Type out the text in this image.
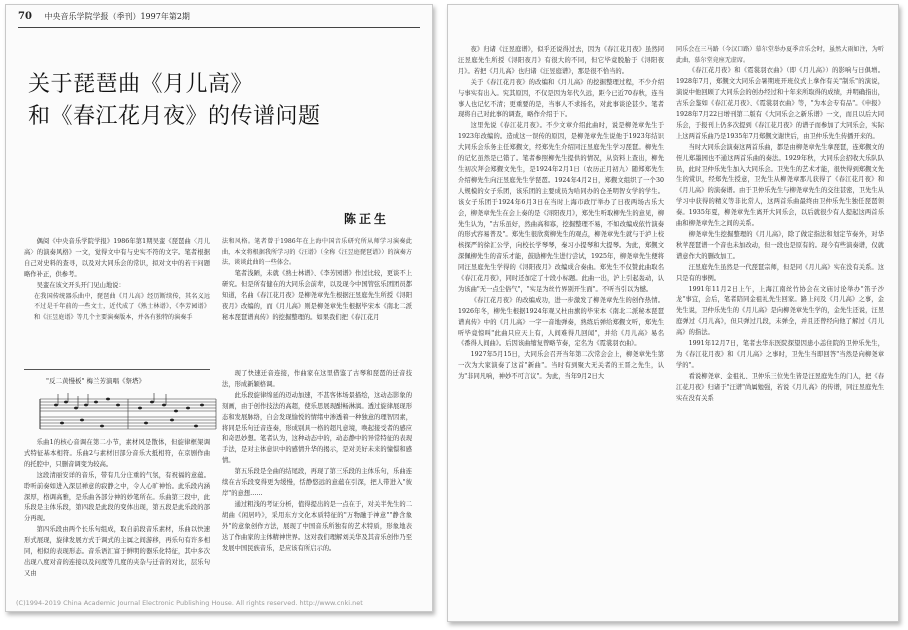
70 中央音乐学院学报（季刊）1997年第2期
关于琵琶曲《月儿高》
和《春江花月夜》的传谱问题
陈正生

偶阅《中央音乐学院学报》1986年第1期吴蛮《琵琶曲〈月儿高〉的演奏风格》一文，觉得文中有与史实不符的文字。笔者根据自己对史料的查寻，以及对大同乐会的常识，拟对文中的若干问题略作补正，供参考。

吴蛮在该文开头开门见山地说：

在我国传统器乐曲中，琵琶曲《月儿高》经历断续传，其名义远不过是千年前的一些文士，近代成了《熟士林谱》，《李芳园谱》和《汪昱庭谱》等几个主要演奏版本，并各有独特的演奏手
法和风格。笔者曾于1986年在上海中国音乐研究所从师学习演奏此曲，本文将根据我所学习的《汪谱》（全称《汪昱庭琵琶谱》）的演奏方法，谈谈此曲的一些体会。

笔者浅陋，未就《熟士林谱》、《李芳园谱》作过比较，更谈不上研究。但是所有健在的大同乐会前辈，以及现今中国管弦乐团团员都知道，名曲《春江花月夜》是柳尧章先生根据汪昱庭先生所授《浔阳夜月》改编的，而《月儿高》则是柳尧章先生根据毕宋本《南北二派秘本琵琶谱真传》的挖掘整理的。如果我们把《春江花月

"反二黄慢板" 梅兰芳演唱《祭塔》

乐曲1的核心音调在第二小节，素材风是散体，但旋律框架调式特征基本相符。乐曲2与素材旧部分音乐大抵相符，在京剧作曲的托腔中，只删音调变为较高。

这段清丽安详的音乐，带有几分庄重的气氛，有祝福的意蕴。聆听前奏如进入深层禅意的寂静之中，令人心旷神怡。此乐段内涵深厚，格调高雅，是乐曲各部分神的妙笔所在。乐曲第三段中，此乐段是主体乐段，第四段是此段的变体出现，第五段是此乐段的部分再现。

第四乐段由两个长乐句组成，取自前段音乐素材，乐曲以快速形式展现，旋律发展方式于调式的主属之间游移，再乐句有许多相同，相似的表现形态。音乐语汇富于鲜明的器乐化特征，其中多次出现八度对音的连接以及问度等几度的夹杂与迁音的对比，层乐句又由

现了快速迁音连接，作曲家在这里借鉴了古琴和琵琶的迁音技法，形成新颖格调。

此乐段旋律绵延的迈动加速，不甚客体场景描绘，这动态影象的刻画，由于创作技法的高超，使乐思展现酣畅淋漓。透过旋律展现形态和发展脉络，自会发现愉悦的情绪中渗透着一种独意的理智因素，将同是乐句迁音连奏，形成别具一格的超凡意境，唤起接受者的感应和奇思妙想。笔者认为，这种动态中的，动态静中的异常特征的表现手法，是对主体意识中的感情升华的揭示，是对美好未来的憧憬和感情。

第五乐段是全曲的结尾段，再现了第三乐段的主体乐句，乐曲连续在古乐段变得更为缓慢，恬静悠远的意蕴在引深，把人带进入"彼岸"的意想……

通过粗浅的考证分析，值得提出的是一点在于，对关半先生的二胡曲《闲居吟》，采用东方文化本质特征的"万物融于神意""静含象外"的意象创作方法，展现了中国音乐所独有的艺术特质，形象地表达了作曲家的主体精神世界。这对我们理解刘关华及其音乐创作乃至发展中国民族音乐，是应该有所启示的。

(C)1994-2019 China Academic Journal Electronic Publishing House. All rights reserved. http://www.cnki.net

夜》归诸《汪昱庭谱》，似乎还说得过去，因为《春江花月夜》虽然同汪昱庭先生所授《浔阳夜月》有很大的不同，但它毕竟脱胎于《浔阳夜月》。若把《月儿高》也归诸《汪昱庭谱》，那是很不恰当的。

关于《春江花月夜》的改编和《月儿高》的挖掘整理过程，不少介绍与事实有出入。究其原因，不仅是因为年代久远，距今已近70春秋，连当事人也记忆不清；更重要的是，当事人不求扬名，对此事谈论甚少。笔者现将自己对此事的调查，略作介绍于下。

这里先说《春江花月夜》。不少文章介绍此曲时，说是柳尧章先生于1923年改编的。造成这一误传的原因，是柳尧章先生说他于1923年结识大同乐会乐务主任郑觐文，经郑先生介绍同汪昱庭先生学习琵琶。柳先生的记忆虽然是已错了。笔者参照柳先生提供的情况，从资料上查出，柳先生初次拜会郑觐文先生，是1924年2月1日（农历正月初九）随郑郑先生介绍柳先生向汪昱庭先生学琵琶。1924年4月2日，郑觐文组织了一个30人规模的女子乐团，该乐团的主要成员为哈同办的仓圣明智女学的学生。该女子乐团于1924年6月3日在当时上海市政厅举办了日夜两场古乐大会，柳尧章先生在会上奏的是《浔阳夜月》，郑先生听取柳先生的意见，柳先生认为，"古乐虽好，然曲高和寡，挖掘整理不易，不如改编成依竹演奏的形式容易普及"。郑先生很欣赏柳先生的观点，柳尧章先生就与于泸上校核探严的徐汇公学，向校长学琴琴，秦习小提琴和大提琴。为此，郑觐文深佩柳先生的音乐才能，鼓励柳先生进行尝试，1925年，柳尧章先生便将同汪昱庭先生学得的《浔阳夜月》改编成合奏曲。郑先生不仅赞此曲取名《春江花月夜》，同时还加定了十段小标题。此曲一出，沪上引起轰动，认为该曲"无一点尘俗气"，"实足为丝竹界别开生面"。不听当引以为憾。

《春江花月夜》的改编成功，进一步激发了柳尧章先生的创作热情。1926年冬，柳先生根据1924年观又杜由旗的毕宋本《南北二派秘本琵琶谱真传》中的《月儿高》一字一音地弹奏，熟练后弹给郑觐文听，郑先生听毕竟惊叫"此曲只应天上有，人间难得几回闻"，并给《月儿高》易名《番得人间曲》。后因该曲缩复曾略节奏，定名为《霓裳羽衣曲》。

1927年5月15日，大同乐会召开当年第二次常会会上，柳尧章先生第一次为大家演奏了这首"新曲"。当时有到聚大无关者的王晋之先生，认为"非同凡响，神妙不可言议"。为此，当年9月2日大

同乐会在三马路（今汉口路）慕尔堂举办夏季音乐会时，虽然大雨如注，为听此曲，慕尔堂竟座无虚席。

《春江花月夜》和《霓裳羽衣曲》（即《月儿高》）的影响与日俱增。1928年7月，郑觐文大同乐会暑期班开班仪式上拿作有关"制乐"的演说，演说中他回顾了大同乐会的创办经过和十年来所取得的成绩，并明确指出，古乐会鉴如《春江花月夜》、《霓裳羽衣曲》等，"为本会专有品"。《申报》1928年7月22日增刊第二版有《大同乐会之新乐谱》一文，而且以后大同乐会，于报刊上仍多次提到《春江花月夜》的谱子而参加了大同乐会，实际上这两首乐曲乃是1935年7月郑觐文谢世后，由卫仲乐先生传播开来的。

当时大同乐会演奏这两首乐曲，都是由柳尧章先生拿琵琶，连郑觐文的侄儿郑墨园也不通这两首乐曲的奏法。1929年秋，大同乐会招收大乐队队员，此时卫仲乐先生加入大同乐会。卫先生的艺术才能，很快得到郑觐文先生的赏识，经郑先生授意，卫先生从柳尧章那儿获得了《春江花月夜》和《月儿高》的演奏谱。由于卫仲乐先生与柳尧章先生的交往甚密，卫先生从学习中获得的精义等非比常人，这两首乐曲最终由卫仲乐先生独任琵琶领奏。1935年夏，柳尧章先生离开大同乐会，以后就很少有人提起这两首乐曲和柳尧章先生之间的关系。

柳尧章先生挖掘整理的《月儿高》，除了做定指法和划定节奏外，对华秋苹琵琶谱一个音也未加改动，但一段也是原有的。现今有些演奏谱，仅就谱意作大的删改加工。

汪昱庭先生虽然是一代琵琶宗师，但是同《月儿高》实在没有关系。这只是有的事例。

1991年11月2日上午，上海江南丝竹协会在文庙讨论举办"笛子沙龙"事宜，会后，笔者陪同金祖礼先生回家。路上问及《月儿高》之事，金先生说，卫仲乐先生的《月儿高》是向柳尧章先生学的，金先生还说，汪昱庭弹过《月儿高》，但只弹过几段，未弹全，并且还曾经向他了解过《月儿高》的指法。

1991年12月7日，笔者去华东医院探望因患小恙住院的卫仲乐先生，为《春江花月夜》和《月儿高》之事时，卫先生当即回答"当然是向柳尧章学的"。

看说柳尧章、金祖礼、卫仲乐三位先生皆是汪昱庭先生的门人，把《春江花月夜》归诸于"汪谱"尚属勉强，若说《月儿高》的传谱，同汪昱庭先生实在没有关系
